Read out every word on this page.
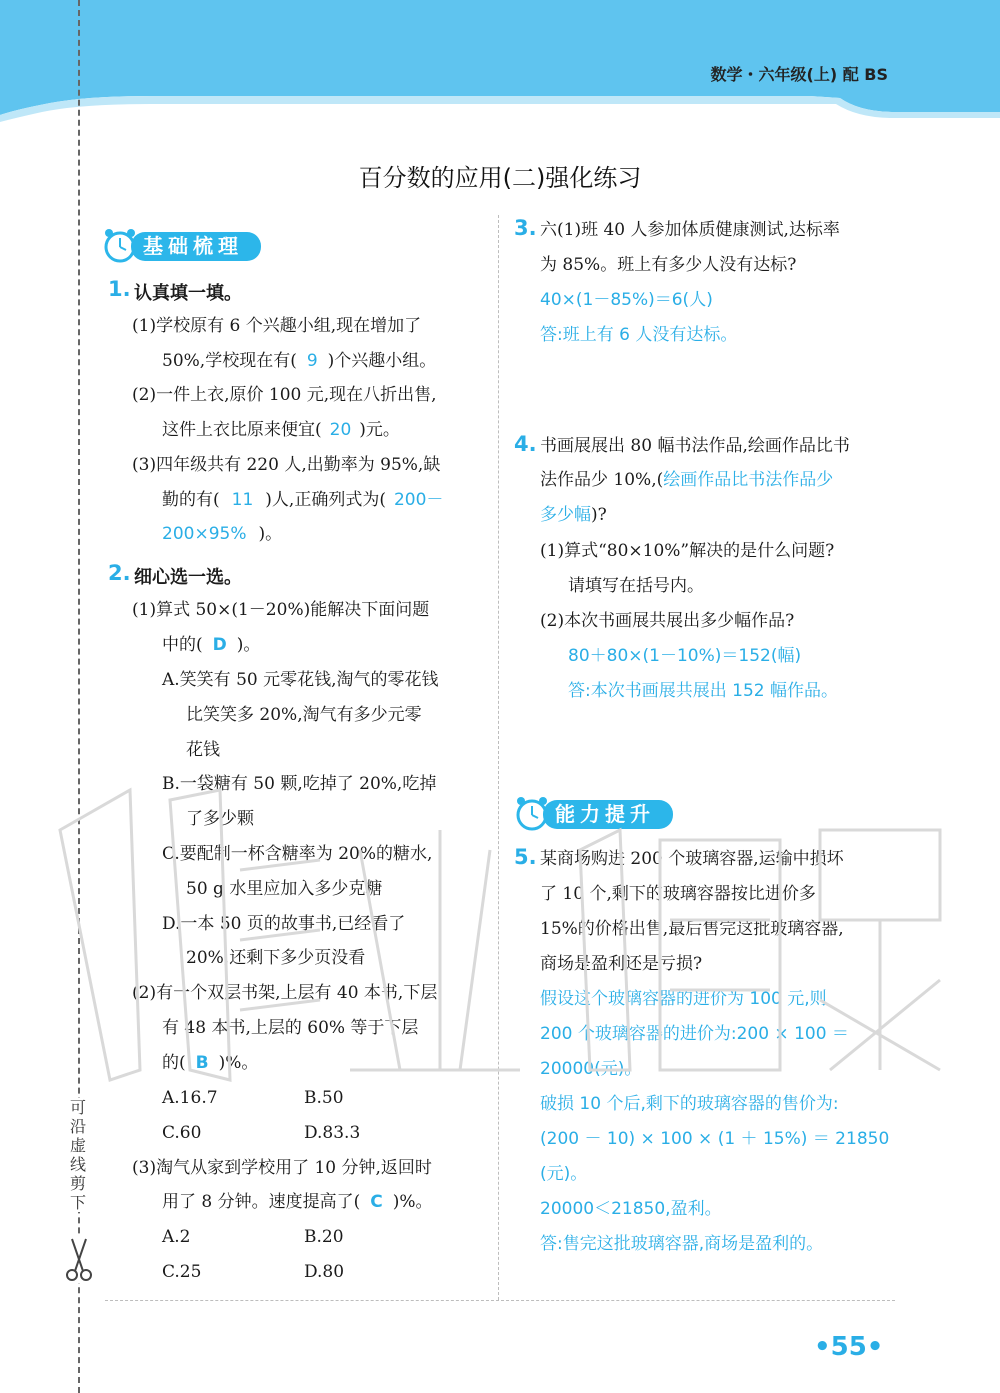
数学・六年级(上) 配 BS
可
沿
虚
线
剪
下
百分数的应用(二)强化练习
基础梳理
1. 认真填一填。
(1)学校原有 6 个兴趣小组,现在增加了
50%,学校现在有( 9 )个兴趣小组。
(2)一件上衣,原价 100 元,现在八折出售,
这件上衣比原来便宜( 20 )元。
(3)四年级共有 220 人,出勤率为 95%,缺
勤的有( 11 )人,正确列式为( 200－
200×95% )。
2. 细心选一选。
(1)算式 50×(1－20%)能解决下面问题
中的( D )。
A.笑笑有 50 元零花钱,淘气的零花钱
比笑笑多 20%,淘气有多少元零
花钱
B.一袋糖有 50 颗,吃掉了 20%,吃掉
了多少颗
C.要配制一杯含糖率为 20%的糖水,
50 g 水里应加入多少克糖
D.一本 50 页的故事书,已经看了
20%,还剩下多少页没看
(2)有一个双层书架,上层有 40 本书,下层
有 48 本书,上层的 60% 等于下层
的( B )%。
A.16.7	B.50
C.60	D.83.3
(3)淘气从家到学校用了 10 分钟,返回时
用了 8 分钟。速度提高了( C )%。
A.2	B.20
C.25	D.80
3. 六(1)班 40 人参加体质健康测试,达标率
为 85%。班上有多少人没有达标?
40×(1－85%)＝6(人)
答:班上有 6 人没有达标。
4. 书画展展出 80 幅书法作品,绘画作品比书
法作品少 10%,(绘画作品比书法作品少
多少幅)?
(1)算式“80×10%”解决的是什么问题?
请填写在括号内。
(2)本次书画展共展出多少幅作品?
80＋80×(1－10%)＝152(幅)
答:本次书画展共展出 152 幅作品。
能力提升
5. 某商场购进 200 个玻璃容器,运输中损坏
了 10 个,剩下的玻璃容器按比进价多
15%的价格出售,最后售完这批玻璃容器,
商场是盈利还是亏损?
假设这个玻璃容器的进价为 100 元,则
200 个玻璃容器的进价为:200 × 100 ＝
20000(元)。
破损 10 个后,剩下的玻璃容器的售价为:
(200 － 10) × 100 × (1 ＋ 15%) ＝ 21850
(元)。
20000＜21850,盈利。
答:售完这批玻璃容器,商场是盈利的。
•55•
